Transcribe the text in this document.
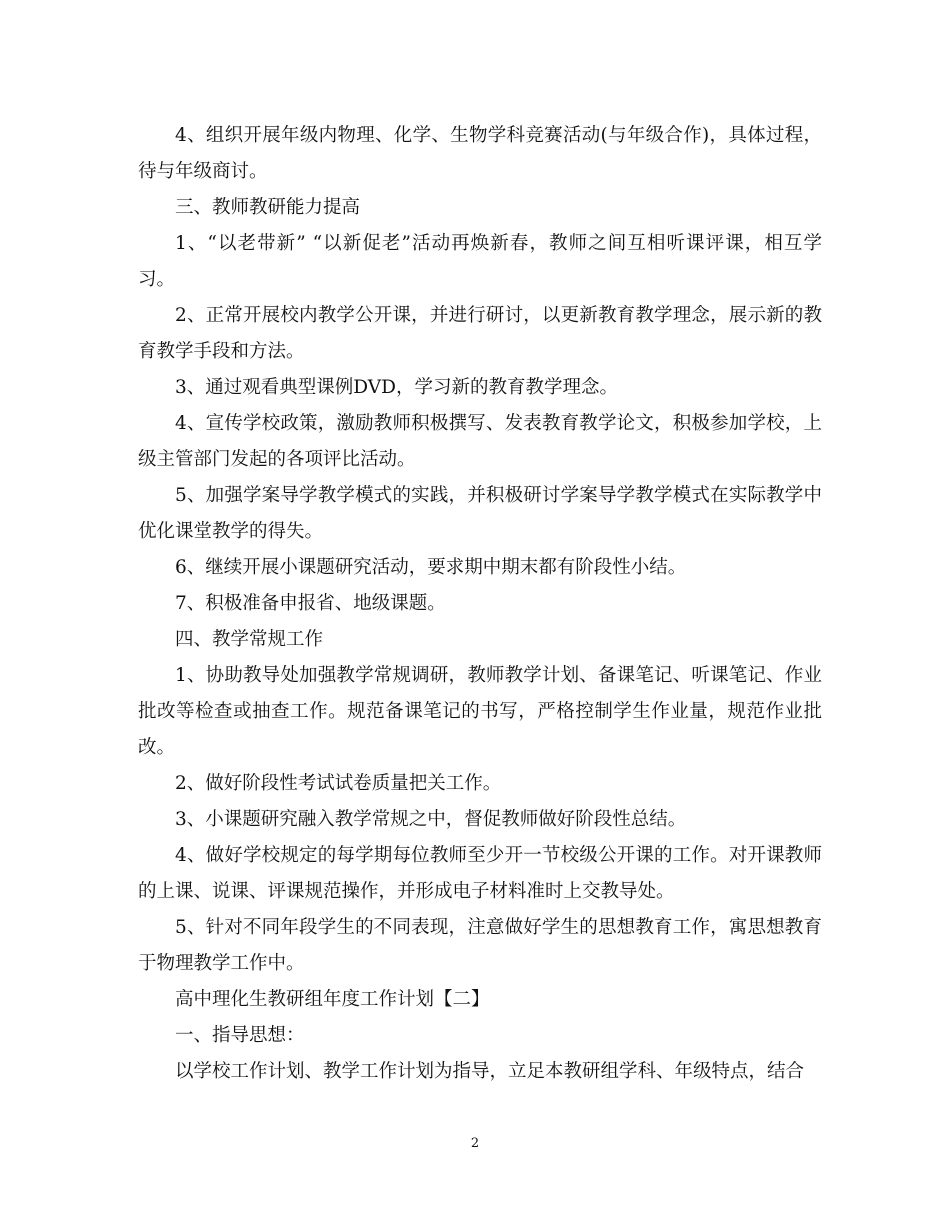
4、组织开展年级内物理、化学、生物学科竞赛活动(与年级合作)，具体过程，待与年级商讨。

三、教师教研能力提高

1、“以老带新” “以新促老”活动再焕新春，教师之间互相听课评课，相互学习。

2、正常开展校内教学公开课，并进行研讨，以更新教育教学理念，展示新的教育教学手段和方法。

3、通过观看典型课例DVD，学习新的教育教学理念。

4、宣传学校政策，激励教师积极撰写、发表教育教学论文，积极参加学校，上级主管部门发起的各项评比活动。

5、加强学案导学教学模式的实践，并积极研讨学案导学教学模式在实际教学中优化课堂教学的得失。

6、继续开展小课题研究活动，要求期中期末都有阶段性小结。

7、积极准备申报省、地级课题。

四、教学常规工作

1、协助教导处加强教学常规调研，教师教学计划、备课笔记、听课笔记、作业批改等检查或抽查工作。规范备课笔记的书写，严格控制学生作业量，规范作业批改。

2、做好阶段性考试试卷质量把关工作。

3、小课题研究融入教学常规之中，督促教师做好阶段性总结。

4、做好学校规定的每学期每位教师至少开一节校级公开课的工作。对开课教师的上课、说课、评课规范操作，并形成电子材料准时上交教导处。

5、针对不同年段学生的不同表现，注意做好学生的思想教育工作，寓思想教育于物理教学工作中。

高中理化生教研组年度工作计划【二】

一、指导思想：

以学校工作计划、教学工作计划为指导，立足本教研组学科、年级特点，结合

2
